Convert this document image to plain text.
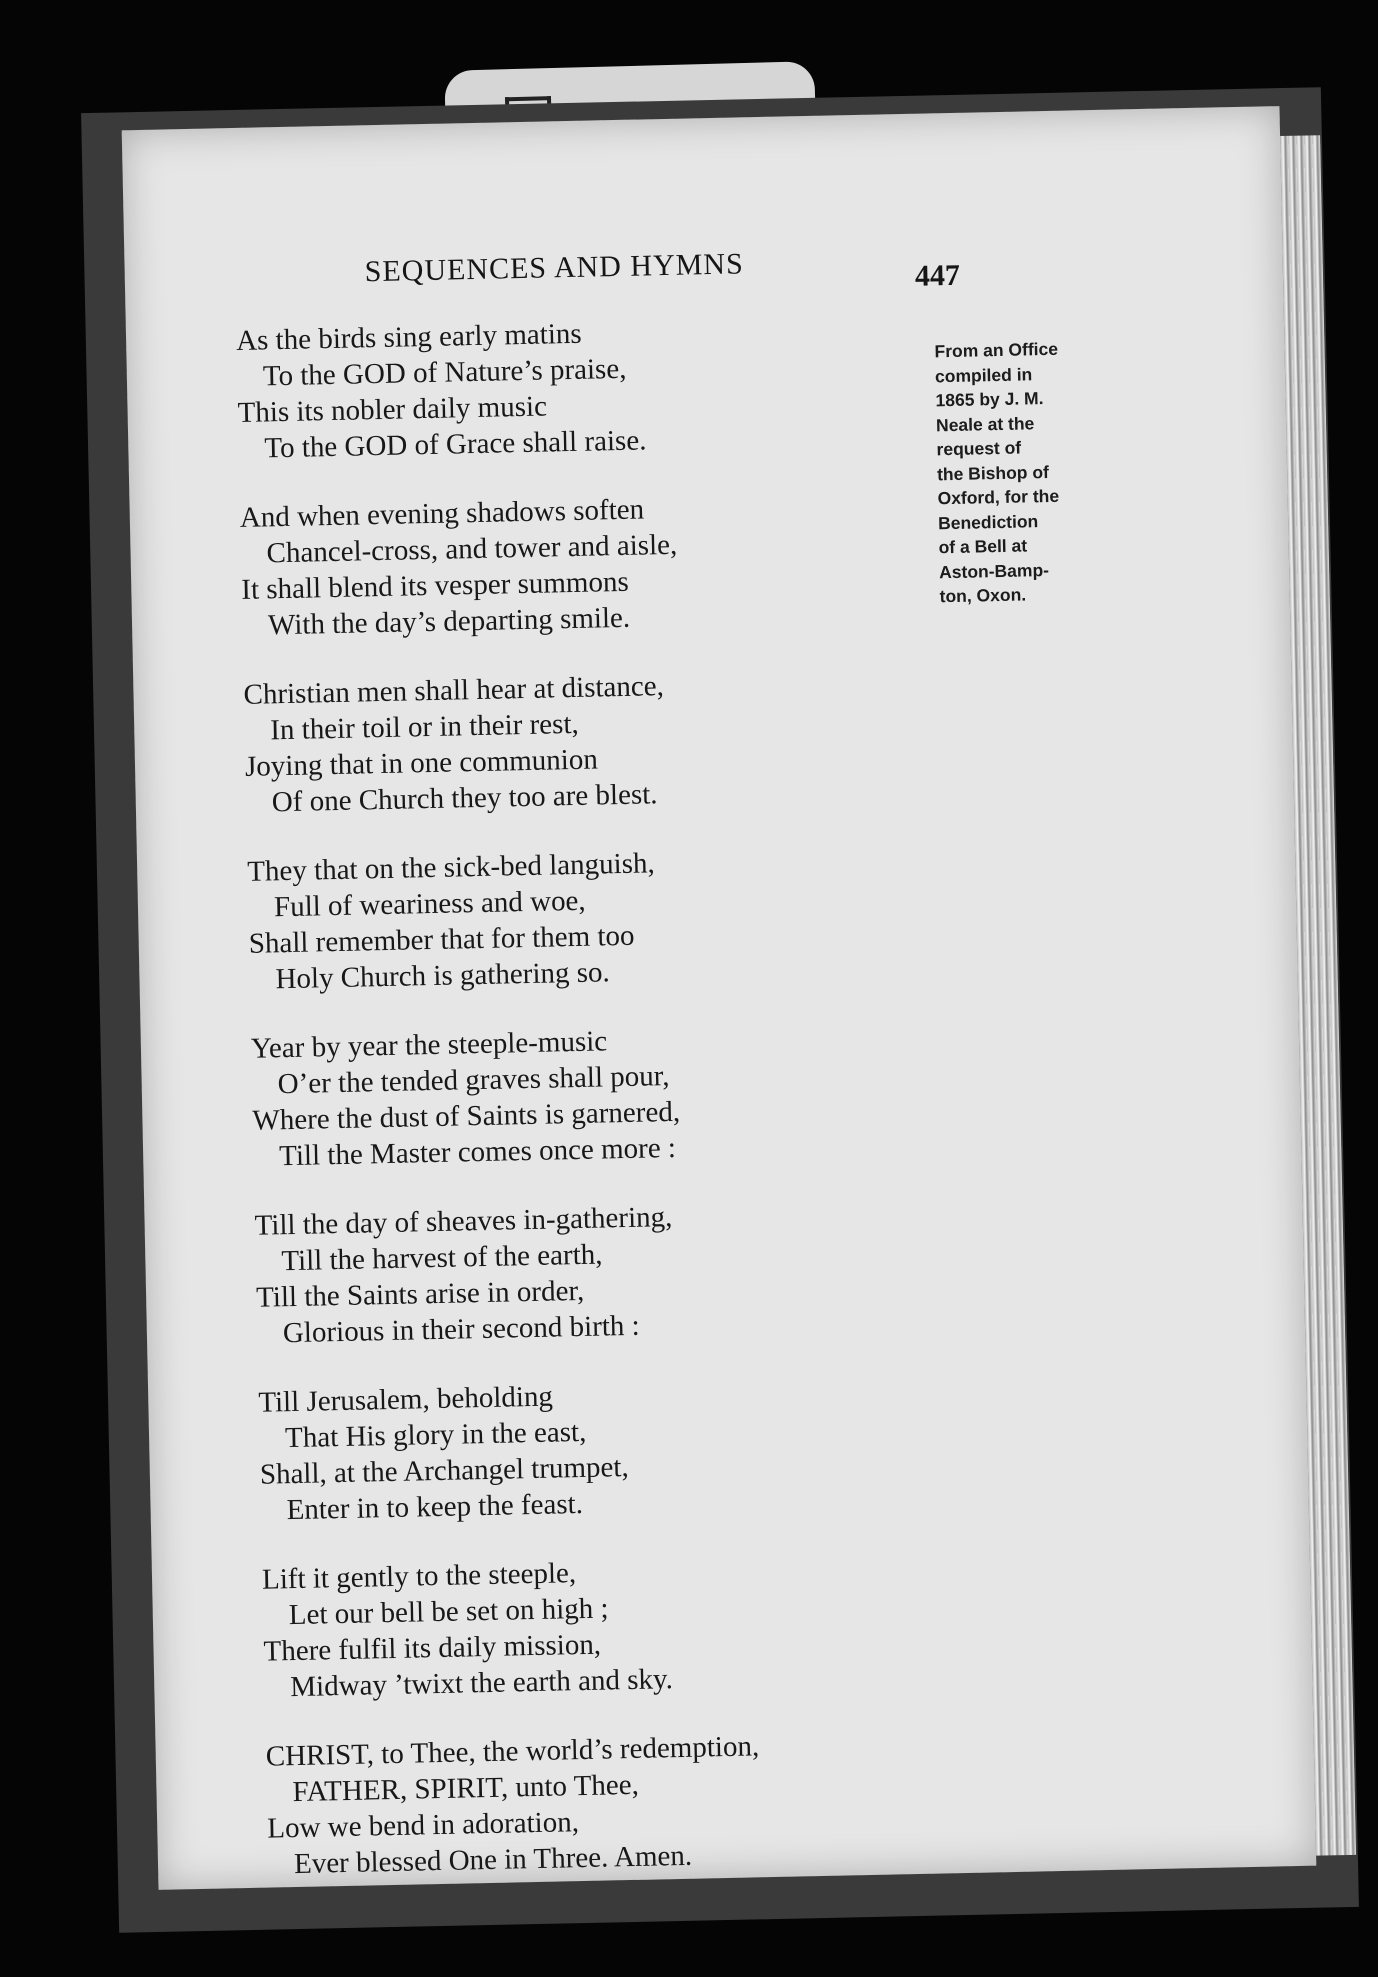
SEQUENCES AND HYMNS	447
As the birds sing early matins
To the GOD of Nature’s praise,
This its nobler daily music
To the GOD of Grace shall raise.
And when evening shadows soften
Chancel-cross, and tower and aisle,
It shall blend its vesper summons
With the day’s departing smile.
Christian men shall hear at distance,
In their toil or in their rest,
Joying that in one communion
Of one Church they too are blest.
They that on the sick-bed languish,
Full of weariness and woe,
Shall remember that for them too
Holy Church is gathering so.
Year by year the steeple-music
O’er the tended graves shall pour,
Where the dust of Saints is garnered,
Till the Master comes once more :
Till the day of sheaves in-gathering,
Till the harvest of the earth,
Till the Saints arise in order,
Glorious in their second birth :
Till Jerusalem, beholding
That His glory in the east,
Shall, at the Archangel trumpet,
Enter in to keep the feast.
Lift it gently to the steeple,
Let our bell be set on high ;
There fulfil its daily mission,
Midway ’twixt the earth and sky.
CHRIST, to Thee, the world’s redemption,
FATHER, SPIRIT, unto Thee,
Low we bend in adoration,
Ever blessed One in Three. Amen.
From an Office
compiled in
1865 by J. M.
Neale at the
request of
the Bishop of
Oxford, for the
Benediction
of a Bell at
Aston-Bamp-
ton, Oxon.
